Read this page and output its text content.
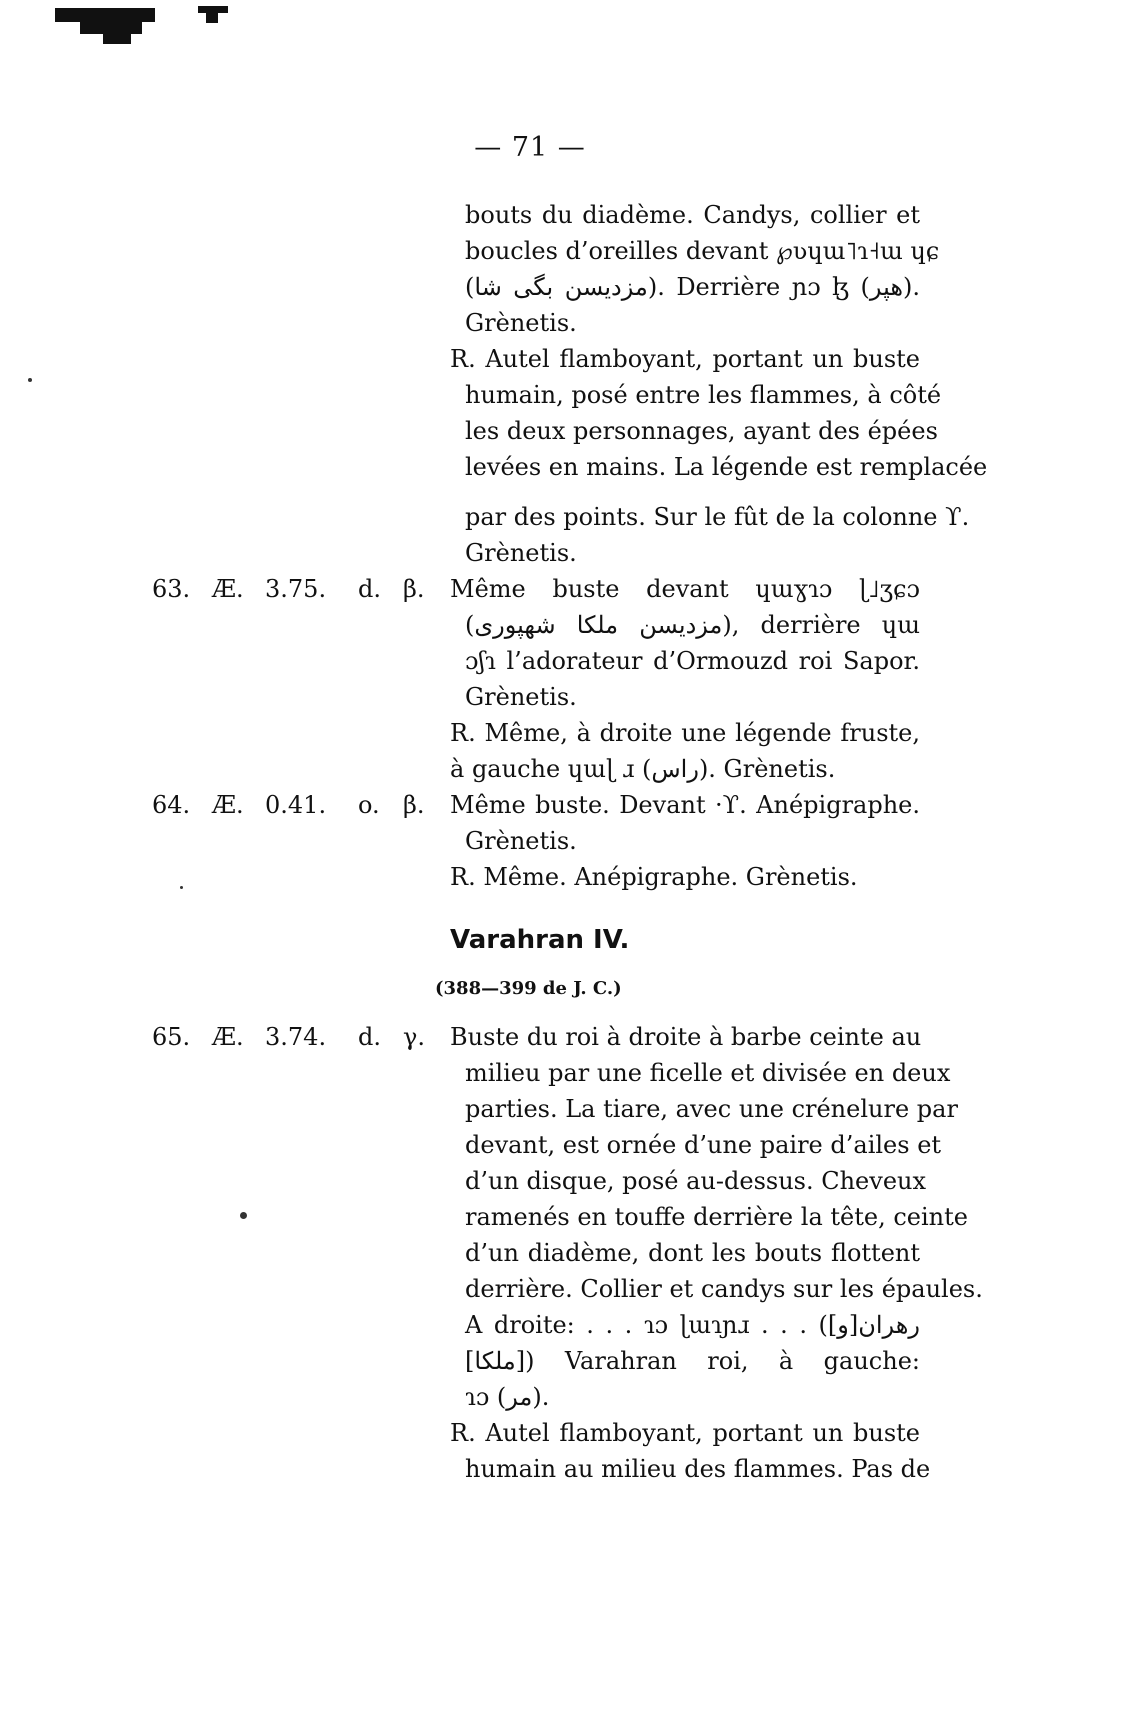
— 71 —
bouts du diadème. Candys, collier et
boucles d’oreilles devant ℘ʋɥɯ˥ɿ˧ɯ ɥɕ
(مزدیسن بگی شا). Derrière ɲɔ ɮ (هپر).
Grènetis.
R. Autel flamboyant, portant un buste
humain, posé entre les flammes, à côté
les deux personnages, ayant des épées
levées en mains. La légende est remplacée
par des points. Sur le fût de la colonne ϒ.
Grènetis.
63. Æ. 3.75. d. β. Même buste devant ɥɯɣɿɔ ɭ˩ʒɕɔ
(مزدیسن ملکا شهپوری), derrière ɥɯ
ɔʃɿ l’adorateur d’Ormouzd roi Sapor.
Grènetis.
R. Même, à droite une légende fruste,
à gauche ɥɯɭ ɹ (راس). Grènetis.
64. Æ. 0.41. o. β. Même buste. Devant ·ϒ. Anépigraphe.
Grènetis.
R. Même. Anépigraphe. Grènetis.
Varahran IV.
(388—399 de J. C.)
65. Æ. 3.74. d. γ. Buste du roi à droite à barbe ceinte au
milieu par une ficelle et divisée en deux
parties. La tiare, avec une crénelure par
devant, est ornée d’une paire d’ailes et
d’un disque, posé au-dessus. Cheveux
ramenés en touffe derrière la tête, ceinte
d’un diadème, dont les bouts flottent
derrière. Collier et candys sur les épaules.
A droite: . . . ɿɔ ɭɯɿɲɹ . . . ([و]رهران
[ملکا]) Varahran roi, à gauche:
ɿɔ (مر).
R. Autel flamboyant, portant un buste
humain au milieu des flammes. Pas de
